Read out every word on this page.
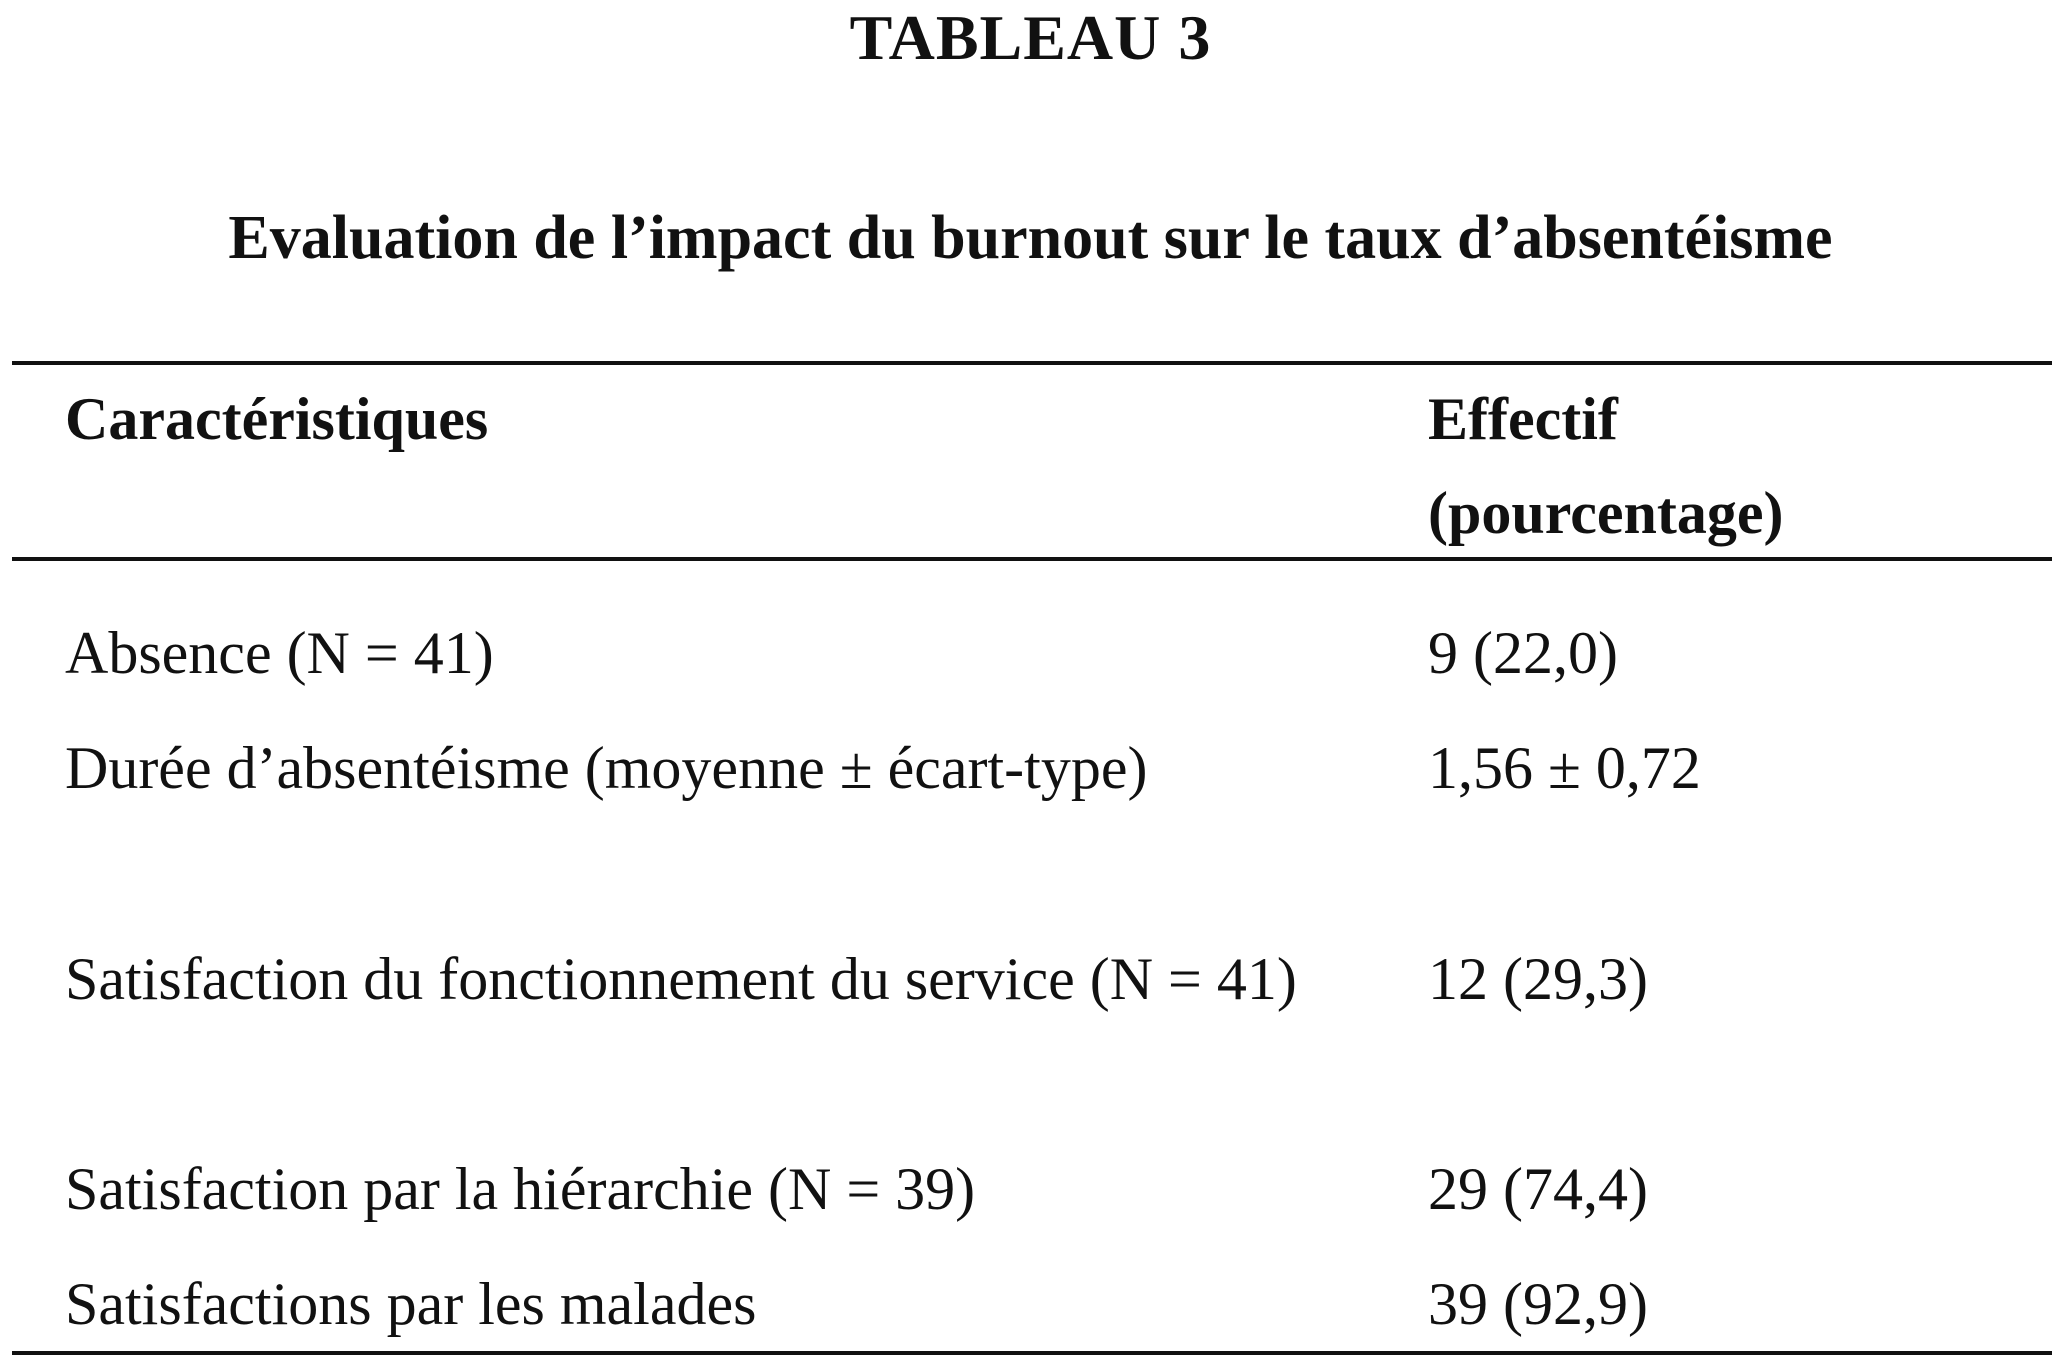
TABLEAU 3
Evaluation de l’impact du burnout sur le taux d’absentéisme
Caractéristiques	Effectif
(pourcentage)
Absence (N = 41)	9 (22,0)
Durée d’absentéisme (moyenne ± écart-type)	1,56 ± 0,72
Satisfaction du fonctionnement du service (N = 41)	12 (29,3)
Satisfaction par la hiérarchie (N = 39)	29 (74,4)
Satisfactions par les malades	39 (92,9)
